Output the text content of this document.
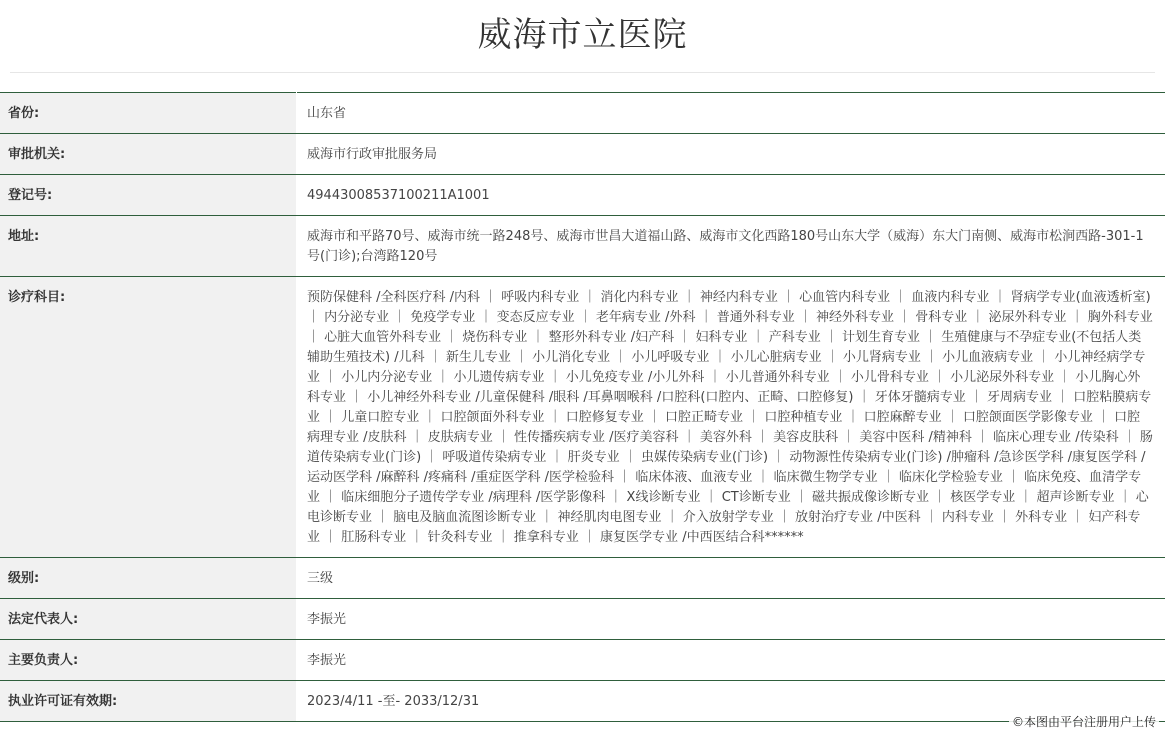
威海市立医院
省份:	山东省
审批机关:	威海市行政审批服务局
登记号:	49443008537100211A1001
地址:	威海市和平路70号、威海市统一路248号、威海市世昌大道福山路、威海市文化西路180号山东大学（威海）东大门南侧、威海市松涧西路-301-1号(门诊);台湾路120号
诊疗科目:	预防保健科 /全科医疗科 /内科 ｜ 呼吸内科专业 ｜ 消化内科专业 ｜ 神经内科专业 ｜ 心血管内科专业 ｜ 血液内科专业 ｜ 肾病学专业(血液透析室) ｜ 内分泌专业 ｜ 免疫学专业 ｜ 变态反应专业 ｜ 老年病专业 /外科 ｜ 普通外科专业 ｜ 神经外科专业 ｜ 骨科专业 ｜ 泌尿外科专业 ｜ 胸外科专业 ｜ 心脏大血管外科专业 ｜ 烧伤科专业 ｜ 整形外科专业 /妇产科 ｜ 妇科专业 ｜ 产科专业 ｜ 计划生育专业 ｜ 生殖健康与不孕症专业(不包括人类辅助生殖技术) /儿科 ｜ 新生儿专业 ｜ 小儿消化专业 ｜ 小儿呼吸专业 ｜ 小儿心脏病专业 ｜ 小儿肾病专业 ｜ 小儿血液病专业 ｜ 小儿神经病学专业 ｜ 小儿内分泌专业 ｜ 小儿遗传病专业 ｜ 小儿免疫专业 /小儿外科 ｜ 小儿普通外科专业 ｜ 小儿骨科专业 ｜ 小儿泌尿外科专业 ｜ 小儿胸心外科专业 ｜ 小儿神经外科专业 /儿童保健科 /眼科 /耳鼻咽喉科 /口腔科(口腔内、正畸、口腔修复) ｜ 牙体牙髓病专业 ｜ 牙周病专业 ｜ 口腔粘膜病专业 ｜ 儿童口腔专业 ｜ 口腔颌面外科专业 ｜ 口腔修复专业 ｜ 口腔正畸专业 ｜ 口腔种植专业 ｜ 口腔麻醉专业 ｜ 口腔颌面医学影像专业 ｜ 口腔病理专业 /皮肤科 ｜ 皮肤病专业 ｜ 性传播疾病专业 /医疗美容科 ｜ 美容外科 ｜ 美容皮肤科 ｜ 美容中医科 /精神科 ｜ 临床心理专业 /传染科 ｜ 肠道传染病专业(门诊) ｜ 呼吸道传染病专业 ｜ 肝炎专业 ｜ 虫媒传染病专业(门诊) ｜ 动物源性传染病专业(门诊) /肿瘤科 /急诊医学科 /康复医学科 /运动医学科 /麻醉科 /疼痛科 /重症医学科 /医学检验科 ｜ 临床体液、血液专业 ｜ 临床微生物学专业 ｜ 临床化学检验专业 ｜ 临床免疫、血清学专业 ｜ 临床细胞分子遗传学专业 /病理科 /医学影像科 ｜ X线诊断专业 ｜ CT诊断专业 ｜ 磁共振成像诊断专业 ｜ 核医学专业 ｜ 超声诊断专业 ｜ 心电诊断专业 ｜ 脑电及脑血流图诊断专业 ｜ 神经肌肉电图专业 ｜ 介入放射学专业 ｜ 放射治疗专业 /中医科 ｜ 内科专业 ｜ 外科专业 ｜ 妇产科专业 ｜ 肛肠科专业 ｜ 针灸科专业 ｜ 推拿科专业 ｜ 康复医学专业 /中西医结合科******
级别:	三级
法定代表人:	李振光
主要负责人:	李振光
执业许可证有效期:	2023/4/11 -至- 2033/12/31
©本图由平台注册用户上传
